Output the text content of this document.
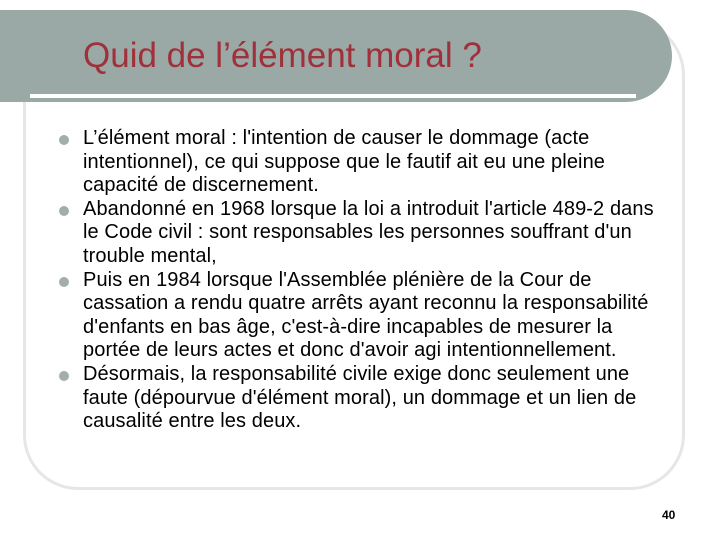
Quid de l’élément moral ?
L’élément moral : l'intention de causer le dommage (acte intentionnel), ce qui suppose que le fautif ait eu une pleine capacité de discernement.
Abandonné en 1968 lorsque la loi a introduit l'article 489-2 dans le Code civil : sont responsables les personnes souffrant d'un trouble mental,
Puis en 1984 lorsque l'Assemblée plénière de la Cour de cassation a rendu quatre arrêts ayant reconnu la responsabilité d'enfants en bas âge, c'est-à-dire incapables de mesurer la portée de leurs actes et donc d'avoir agi intentionnellement.
Désormais, la responsabilité civile exige donc seulement une faute (dépourvue d'élément moral), un dommage et un lien de causalité entre les deux.
40
